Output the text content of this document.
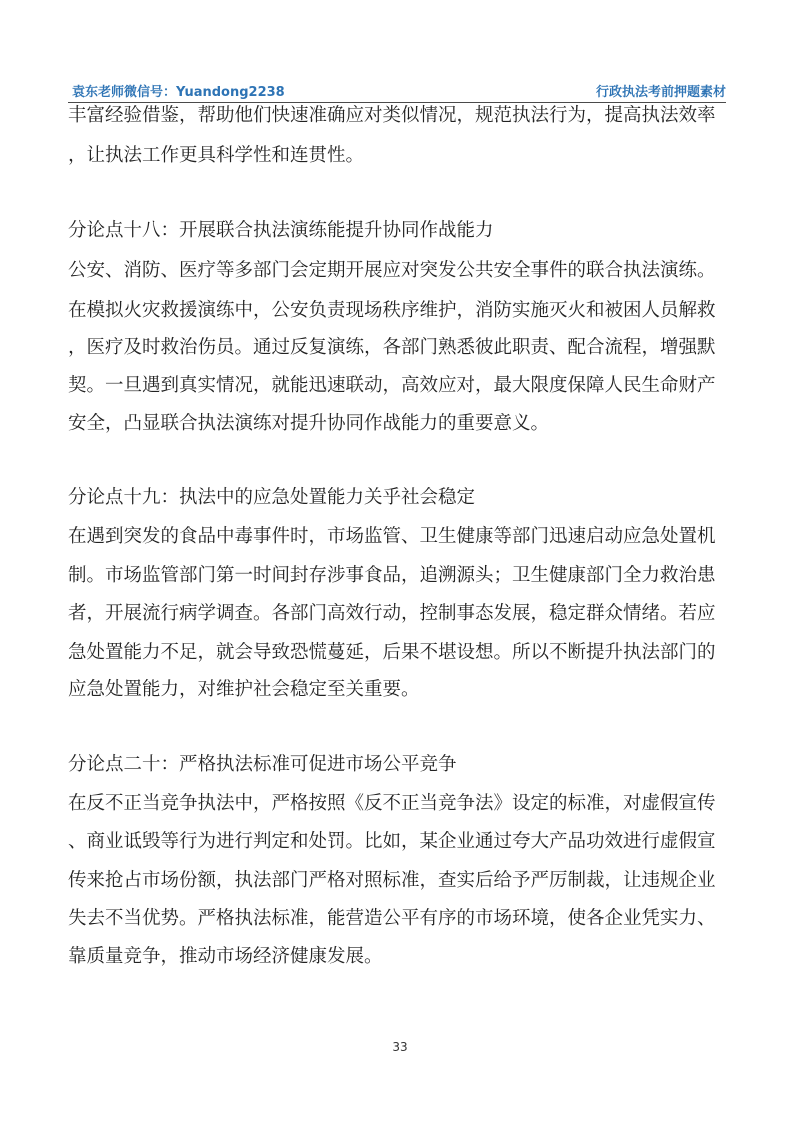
袁东老师微信号：Yuandong2238	行政执法考前押题素材
丰富经验借鉴，帮助他们快速准确应对类似情况，规范执法行为，提高执法效率
，让执法工作更具科学性和连贯性。
分论点十八：开展联合执法演练能提升协同作战能力
公安、消防、医疗等多部门会定期开展应对突发公共安全事件的联合执法演练。
在模拟火灾救援演练中，公安负责现场秩序维护，消防实施灭火和被困人员解救
，医疗及时救治伤员。通过反复演练，各部门熟悉彼此职责、配合流程，增强默
契。一旦遇到真实情况，就能迅速联动，高效应对，最大限度保障人民生命财产
安全，凸显联合执法演练对提升协同作战能力的重要意义。
分论点十九：执法中的应急处置能力关乎社会稳定
在遇到突发的食品中毒事件时，市场监管、卫生健康等部门迅速启动应急处置机
制。市场监管部门第一时间封存涉事食品，追溯源头；卫生健康部门全力救治患
者，开展流行病学调查。各部门高效行动，控制事态发展，稳定群众情绪。若应
急处置能力不足，就会导致恐慌蔓延，后果不堪设想。所以不断提升执法部门的
应急处置能力，对维护社会稳定至关重要。
分论点二十：严格执法标准可促进市场公平竞争
在反不正当竞争执法中，严格按照《反不正当竞争法》设定的标准，对虚假宣传
、商业诋毁等行为进行判定和处罚。比如，某企业通过夸大产品功效进行虚假宣
传来抢占市场份额，执法部门严格对照标准，查实后给予严厉制裁，让违规企业
失去不当优势。严格执法标准，能营造公平有序的市场环境，使各企业凭实力、
靠质量竞争，推动市场经济健康发展。
33
